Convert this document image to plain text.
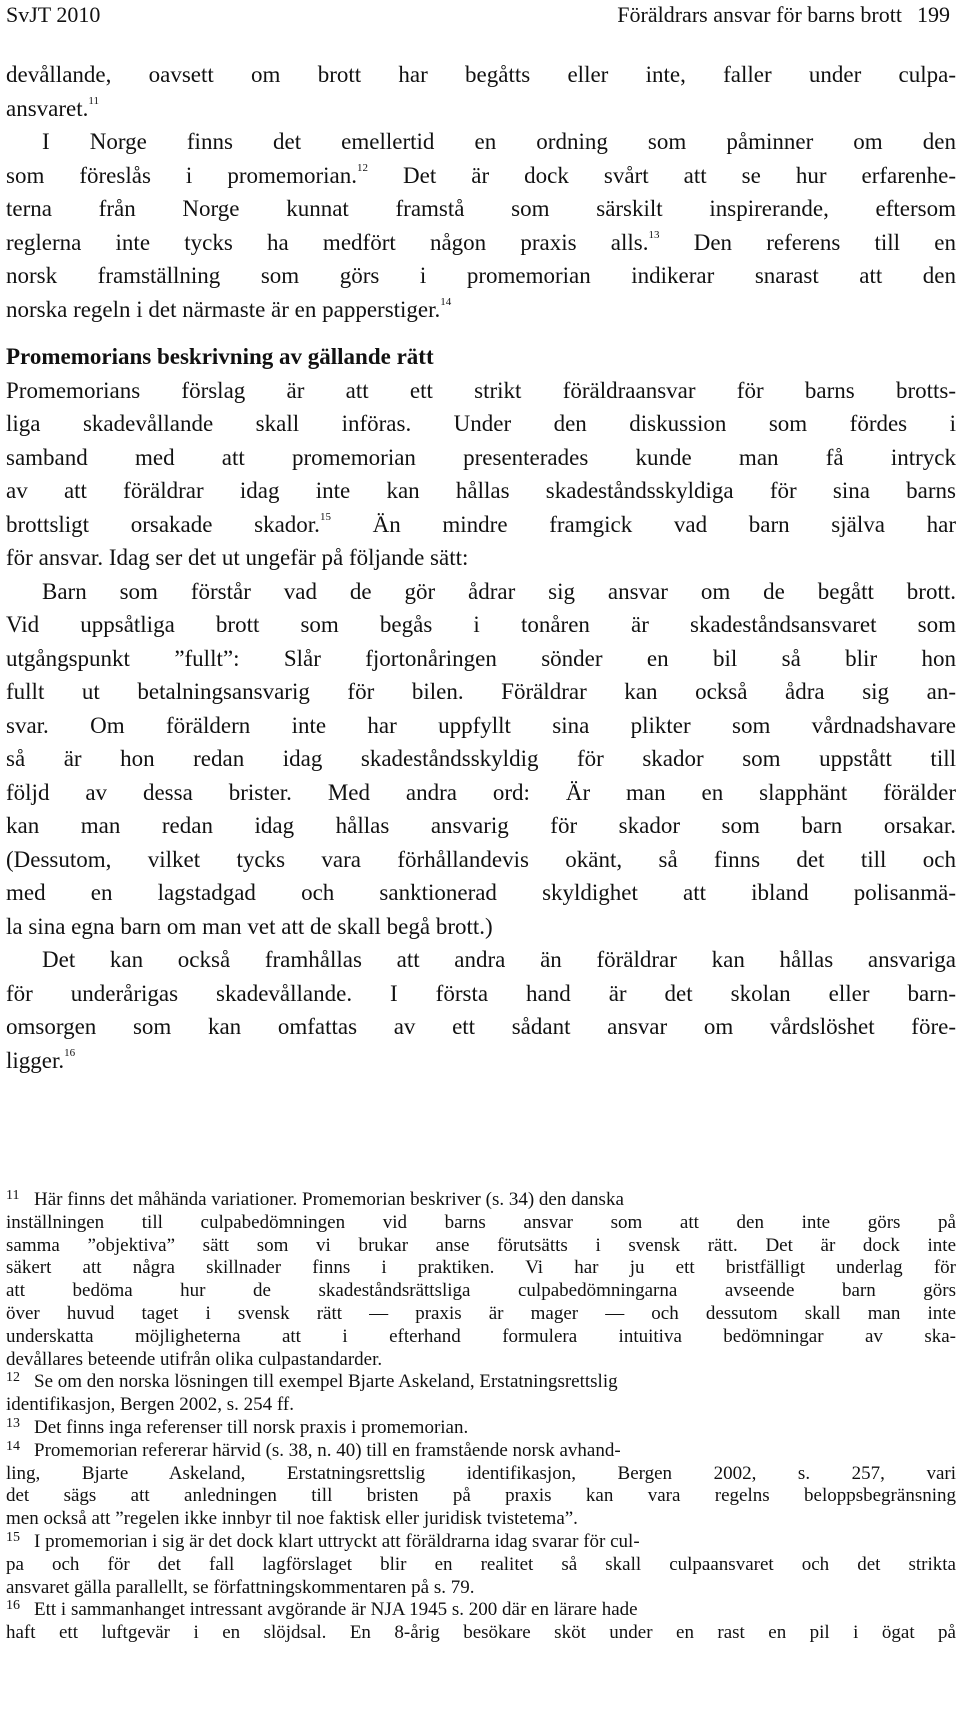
SvJT 2010	Föräldrars ansvar för barns brott 199
devållande, oavsett om brott har begåtts eller inte, faller under culpa-
ansvaret.$^{11}$
I Norge finns det emellertid en ordning som påminner om den
som föreslås i promemorian.$^{12}$ Det är dock svårt att se hur erfarenhe-
terna från Norge kunnat framstå som särskilt inspirerande, eftersom
reglerna inte tycks ha medfört någon praxis alls.$^{13}$ Den referens till en
norsk framställning som görs i promemorian indikerar snarast att den
norska regeln i det närmaste är en papperstiger.$^{14}$
Promemorians beskrivning av gällande rätt
Promemorians förslag är att ett strikt föräldraansvar för barns brotts-
liga skadevållande skall införas. Under den diskussion som fördes i
samband med att promemorian presenterades kunde man få intryck
av att föräldrar idag inte kan hållas skadeståndsskyldiga för sina barns
brottsligt orsakade skador.$^{15}$ Än mindre framgick vad barn själva har
för ansvar. Idag ser det ut ungefär på följande sätt:
Barn som förstår vad de gör ådrar sig ansvar om de begått brott.
Vid uppsåtliga brott som begås i tonåren är skadeståndsansvaret som
utgångspunkt ”fullt”: Slår fjortonåringen sönder en bil så blir hon
fullt ut betalningsansvarig för bilen. Föräldrar kan också ådra sig an-
svar. Om föräldern inte har uppfyllt sina plikter som vårdnadshavare
så är hon redan idag skadeståndsskyldig för skador som uppstått till
följd av dessa brister. Med andra ord: Är man en slapphänt förälder
kan man redan idag hållas ansvarig för skador som barn orsakar.
(Dessutom, vilket tycks vara förhållandevis okänt, så finns det till och
med en lagstadgad och sanktionerad skyldighet att ibland polisanmä-
la sina egna barn om man vet att de skall begå brott.)
Det kan också framhållas att andra än föräldrar kan hållas ansvariga
för underårigas skadevållande. I första hand är det skolan eller barn-
omsorgen som kan omfattas av ett sådant ansvar om vårdslöshet före-
ligger.$^{16}$
11 Här finns det måhända variationer. Promemorian beskriver (s. 34) den danska
inställningen till culpabedömningen vid barns ansvar som att den inte görs på
samma ”objektiva” sätt som vi brukar anse förutsätts i svensk rätt. Det är dock inte
säkert att några skillnader finns i praktiken. Vi har ju ett bristfälligt underlag för
att bedöma hur de skadeståndsrättsliga culpabedömningarna avseende barn görs
över huvud taget i svensk rätt — praxis är mager — och dessutom skall man inte
underskatta möjligheterna att i efterhand formulera intuitiva bedömningar av ska-
devållares beteende utifrån olika culpastandarder.
12 Se om den norska lösningen till exempel Bjarte Askeland, Erstatningsrettslig
identifikasjon, Bergen 2002, s. 254 ff.
13 Det finns inga referenser till norsk praxis i promemorian.
14 Promemorian refererar härvid (s. 38, n. 40) till en framstående norsk avhand-
ling, Bjarte Askeland, Erstatningsrettslig identifikasjon, Bergen 2002, s. 257, vari
det sägs att anledningen till bristen på praxis kan vara regelns beloppsbegränsning
men också att ”regelen ikke innbyr til noe faktisk eller juridisk tvistetema”.
15 I promemorian i sig är det dock klart uttryckt att föräldrarna idag svarar för cul-
pa och för det fall lagförslaget blir en realitet så skall culpaansvaret och det strikta
ansvaret gälla parallellt, se författningskommentaren på s. 79.
16 Ett i sammanhanget intressant avgörande är NJA 1945 s. 200 där en lärare hade
haft ett luftgevär i en slöjdsal. En 8-årig besökare sköt under en rast en pil i ögat på
